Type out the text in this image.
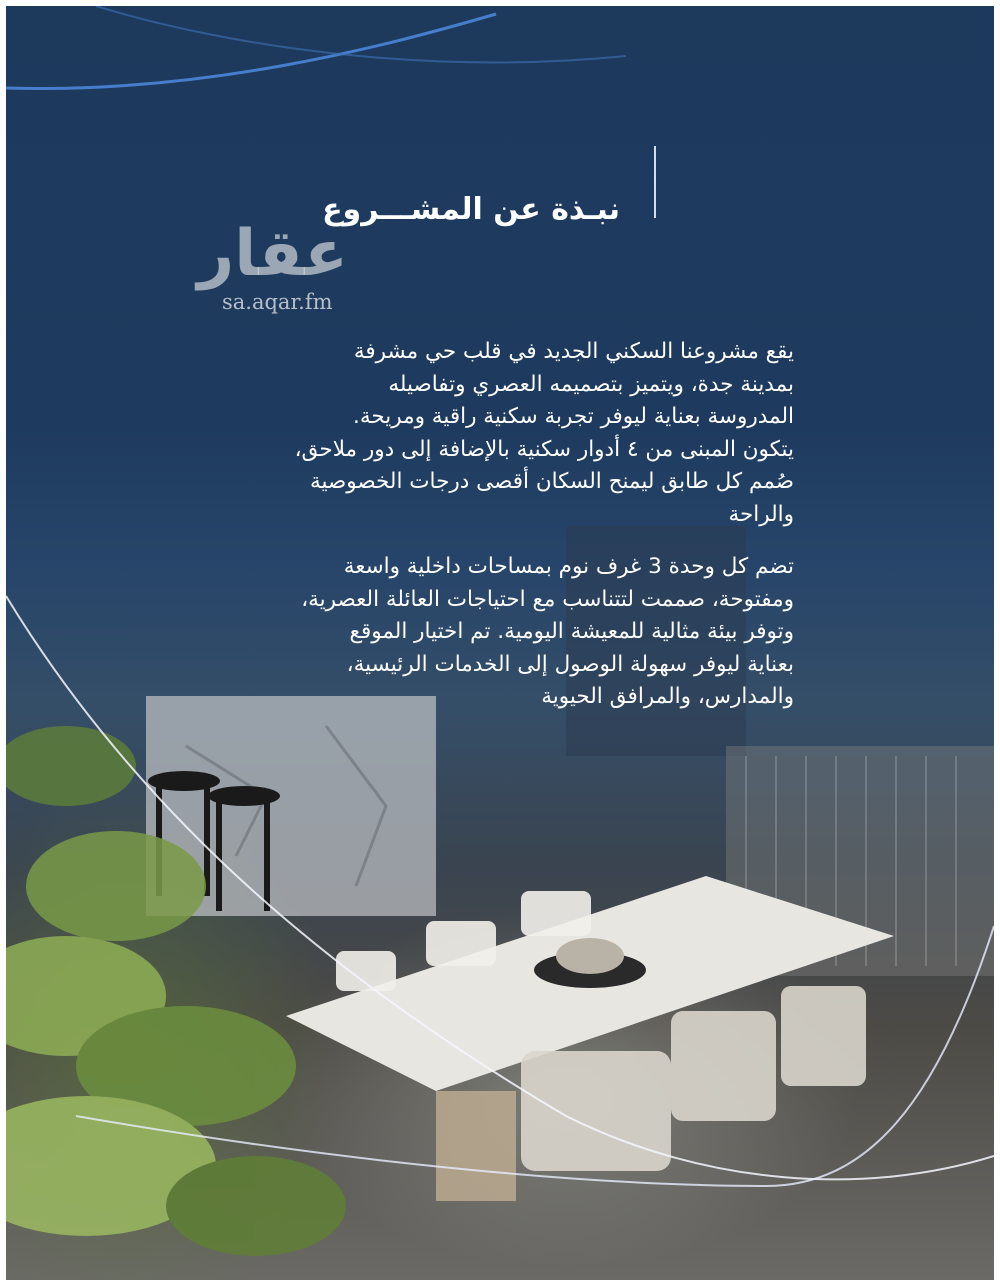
نبـذة عن المشـــروع
عقار
sa.aqar.fm

يقع مشروعنا السكني الجديد في قلب حي مشرفة
بمدينة جدة، ويتميز بتصميمه العصري وتفاصيله
المدروسة بعناية ليوفر تجربة سكنية راقية ومريحة.
يتكون المبنى من ٤ أدوار سكنية بالإضافة إلى دور ملاحق،
صُمم كل طابق ليمنح السكان أقصى درجات الخصوصية
والراحة

تضم كل وحدة 3 غرف نوم بمساحات داخلية واسعة
ومفتوحة، صممت لتتناسب مع احتياجات العائلة العصرية،
وتوفر بيئة مثالية للمعيشة اليومية. تم اختيار الموقع
بعناية ليوفر سهولة الوصول إلى الخدمات الرئيسية،
والمدارس، والمرافق الحيوية
